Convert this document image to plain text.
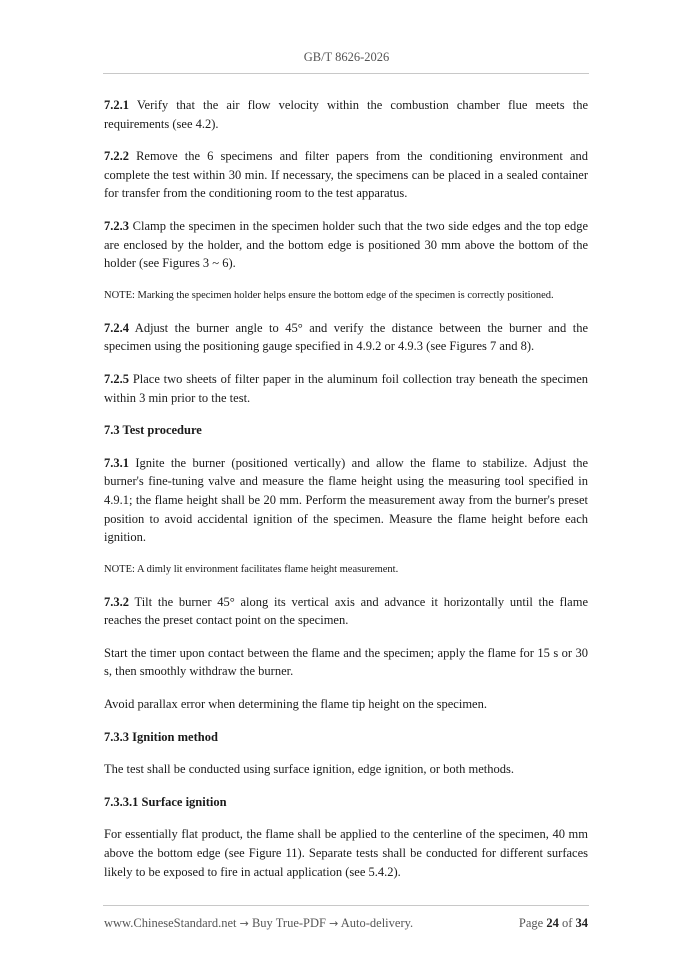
GB/T 8626-2026

7.2.1 Verify that the air flow velocity within the combustion chamber flue meets the requirements (see 4.2).

7.2.2 Remove the 6 specimens and filter papers from the conditioning environment and complete the test within 30 min. If necessary, the specimens can be placed in a sealed container for transfer from the conditioning room to the test apparatus.

7.2.3 Clamp the specimen in the specimen holder such that the two side edges and the top edge are enclosed by the holder, and the bottom edge is positioned 30 mm above the bottom of the holder (see Figures 3 ~ 6).

NOTE: Marking the specimen holder helps ensure the bottom edge of the specimen is correctly positioned.

7.2.4 Adjust the burner angle to 45° and verify the distance between the burner and the specimen using the positioning gauge specified in 4.9.2 or 4.9.3 (see Figures 7 and 8).

7.2.5 Place two sheets of filter paper in the aluminum foil collection tray beneath the specimen within 3 min prior to the test.

7.3 Test procedure

7.3.1 Ignite the burner (positioned vertically) and allow the flame to stabilize. Adjust the burner's fine-tuning valve and measure the flame height using the measuring tool specified in 4.9.1; the flame height shall be 20 mm. Perform the measurement away from the burner's preset position to avoid accidental ignition of the specimen. Measure the flame height before each ignition.

NOTE: A dimly lit environment facilitates flame height measurement.

7.3.2 Tilt the burner 45° along its vertical axis and advance it horizontally until the flame reaches the preset contact point on the specimen.

Start the timer upon contact between the flame and the specimen; apply the flame for 15 s or 30 s, then smoothly withdraw the burner.

Avoid parallax error when determining the flame tip height on the specimen.

7.3.3 Ignition method

The test shall be conducted using surface ignition, edge ignition, or both methods.

7.3.3.1 Surface ignition

For essentially flat product, the flame shall be applied to the centerline of the specimen, 40 mm above the bottom edge (see Figure 11). Separate tests shall be conducted for different surfaces likely to be exposed to fire in actual application (see 5.4.2).

www.ChineseStandard.net → Buy True-PDF → Auto-delivery.	Page 24 of 34
